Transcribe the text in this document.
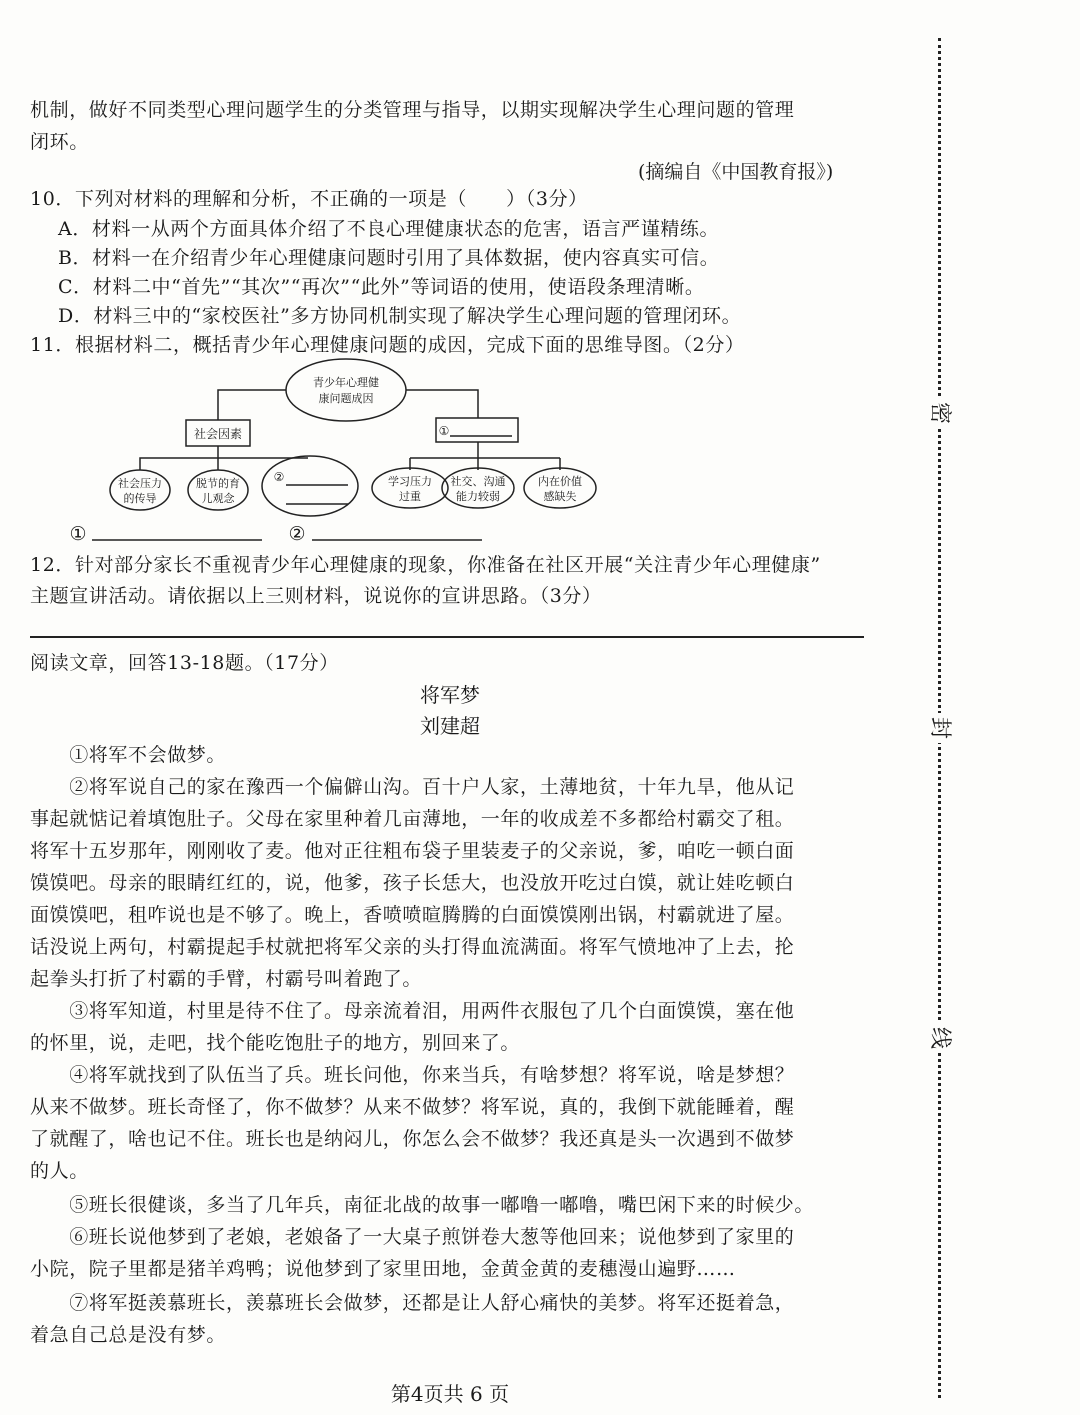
机制，做好不同类型心理问题学生的分类管理与指导，以期实现解决学生心理问题的管理
闭环。
(摘编自《中国教育报》)
10．下列对材料的理解和分析，不正确的一项是（　　）（3分）
A．材料一从两个方面具体介绍了不良心理健康状态的危害，语言严谨精练。
B．材料一在介绍青少年心理健康问题时引用了具体数据，使内容真实可信。
C．材料二中“首先”“其次”“再次”“此外”等词语的使用，使语段条理清晰。
D．材料三中的“家校医社”多方协同机制实现了解决学生心理问题的管理闭环。
11．根据材料二，概括青少年心理健康问题的成因，完成下面的思维导图。（2分）
青少年心理健
康问题成因
社会因素	①
社会压力
的传导
脱节的育
儿观念
②	学习压力
过重
社交、沟通
能力较弱
内在价值
感缺失
①	②
12．针对部分家长不重视青少年心理健康的现象，你准备在社区开展“关注青少年心理健康”
主题宣讲活动。请依据以上三则材料，说说你的宣讲思路。（3分）
阅读文章，回答13-18题。（17分）
将军梦
刘建超
　　①将军不会做梦。
　　②将军说自己的家在豫西一个偏僻山沟。百十户人家，土薄地贫，十年九旱，他从记
事起就惦记着填饱肚子。父母在家里种着几亩薄地，一年的收成差不多都给村霸交了租。
将军十五岁那年，刚刚收了麦。他对正往粗布袋子里装麦子的父亲说，爹，咱吃一顿白面
馍馍吧。母亲的眼睛红红的，说，他爹，孩子长恁大，也没放开吃过白馍，就让娃吃顿白
面馍馍吧，租咋说也是不够了。晚上，香喷喷暄腾腾的白面馍馍刚出锅，村霸就进了屋。
话没说上两句，村霸提起手杖就把将军父亲的头打得血流满面。将军气愤地冲了上去，抡
起拳头打折了村霸的手臂，村霸号叫着跑了。
　　③将军知道，村里是待不住了。母亲流着泪，用两件衣服包了几个白面馍馍，塞在他
的怀里，说，走吧，找个能吃饱肚子的地方，别回来了。
　　④将军就找到了队伍当了兵。班长问他，你来当兵，有啥梦想？将军说，啥是梦想？
从来不做梦。班长奇怪了，你不做梦？从来不做梦？将军说，真的，我倒下就能睡着，醒
了就醒了，啥也记不住。班长也是纳闷儿，你怎么会不做梦？我还真是头一次遇到不做梦
的人。
　　⑤班长很健谈，多当了几年兵，南征北战的故事一嘟噜一嘟噜，嘴巴闲下来的时候少。
　　⑥班长说他梦到了老娘，老娘备了一大桌子煎饼卷大葱等他回来；说他梦到了家里的
小院，院子里都是猪羊鸡鸭；说他梦到了家里田地，金黄金黄的麦穗漫山遍野……
　　⑦将军挺羡慕班长，羡慕班长会做梦，还都是让人舒心痛快的美梦。将军还挺着急，
着急自己总是没有梦。
第4页共 6 页
密
封
线
